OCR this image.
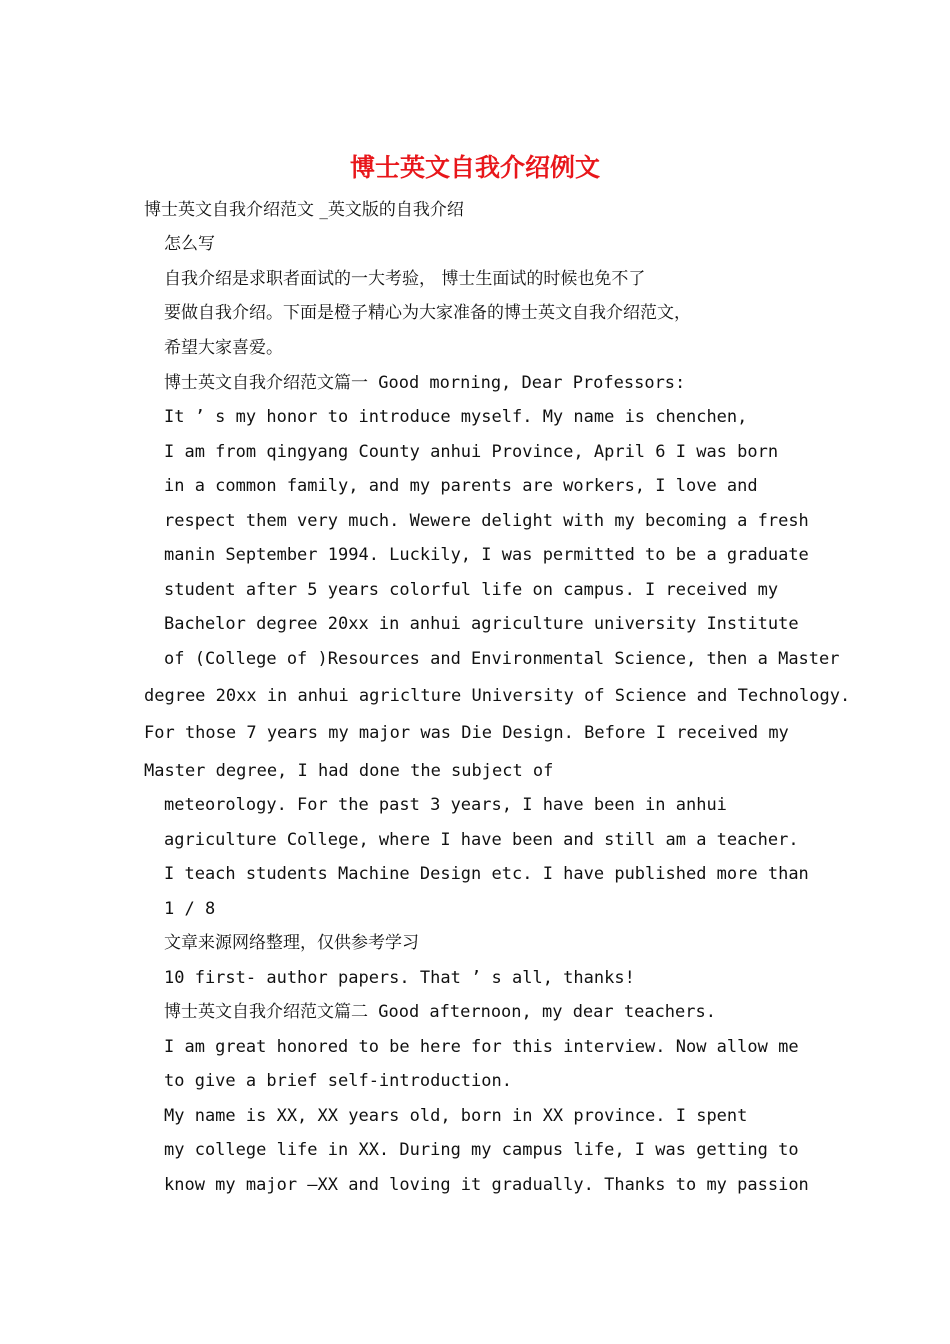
博士英文自我介绍例文

博士英文自我介绍范文 _英文版的自我介绍

怎么写

自我介绍是求职者面试的一大考验， 博士生面试的时候也免不了

要做自我介绍。下面是橙子精心为大家准备的博士英文自我介绍范文，

希望大家喜爱。

博士英文自我介绍范文篇一 Good morning, Dear Professors:

It ’ s my honor to introduce myself. My name is chenchen,

I am from qingyang County anhui Province, April 6 I was born

in a common family, and my parents are workers, I love and

respect them very much. Wewere delight with my becoming a fresh

manin September 1994. Luckily, I was permitted to be a graduate

student after 5 years colorful life on campus. I received my

Bachelor degree 20xx in anhui agriculture university Institute

of (College of )Resources and Environmental Science, then a Master

degree 20xx in anhui agriclture University of Science and Technology.

For those 7 years my major was Die Design. Before I received my

Master degree, I had done the subject of

meteorology. For the past 3 years, I have been in anhui

agriculture College, where I have been and still am a teacher.

I teach students Machine Design etc. I have published more than

1 / 8

文章来源网络整理，仅供参考学习

10 first- author papers. That ’ s all, thanks!

博士英文自我介绍范文篇二 Good afternoon, my dear teachers.

I am great honored to be here for this interview. Now allow me

to give a brief self-introduction.

My name is XX, XX years old, born in XX province. I spent

my college life in XX. During my campus life, I was getting to

know my major —XX and loving it gradually. Thanks to my passion
